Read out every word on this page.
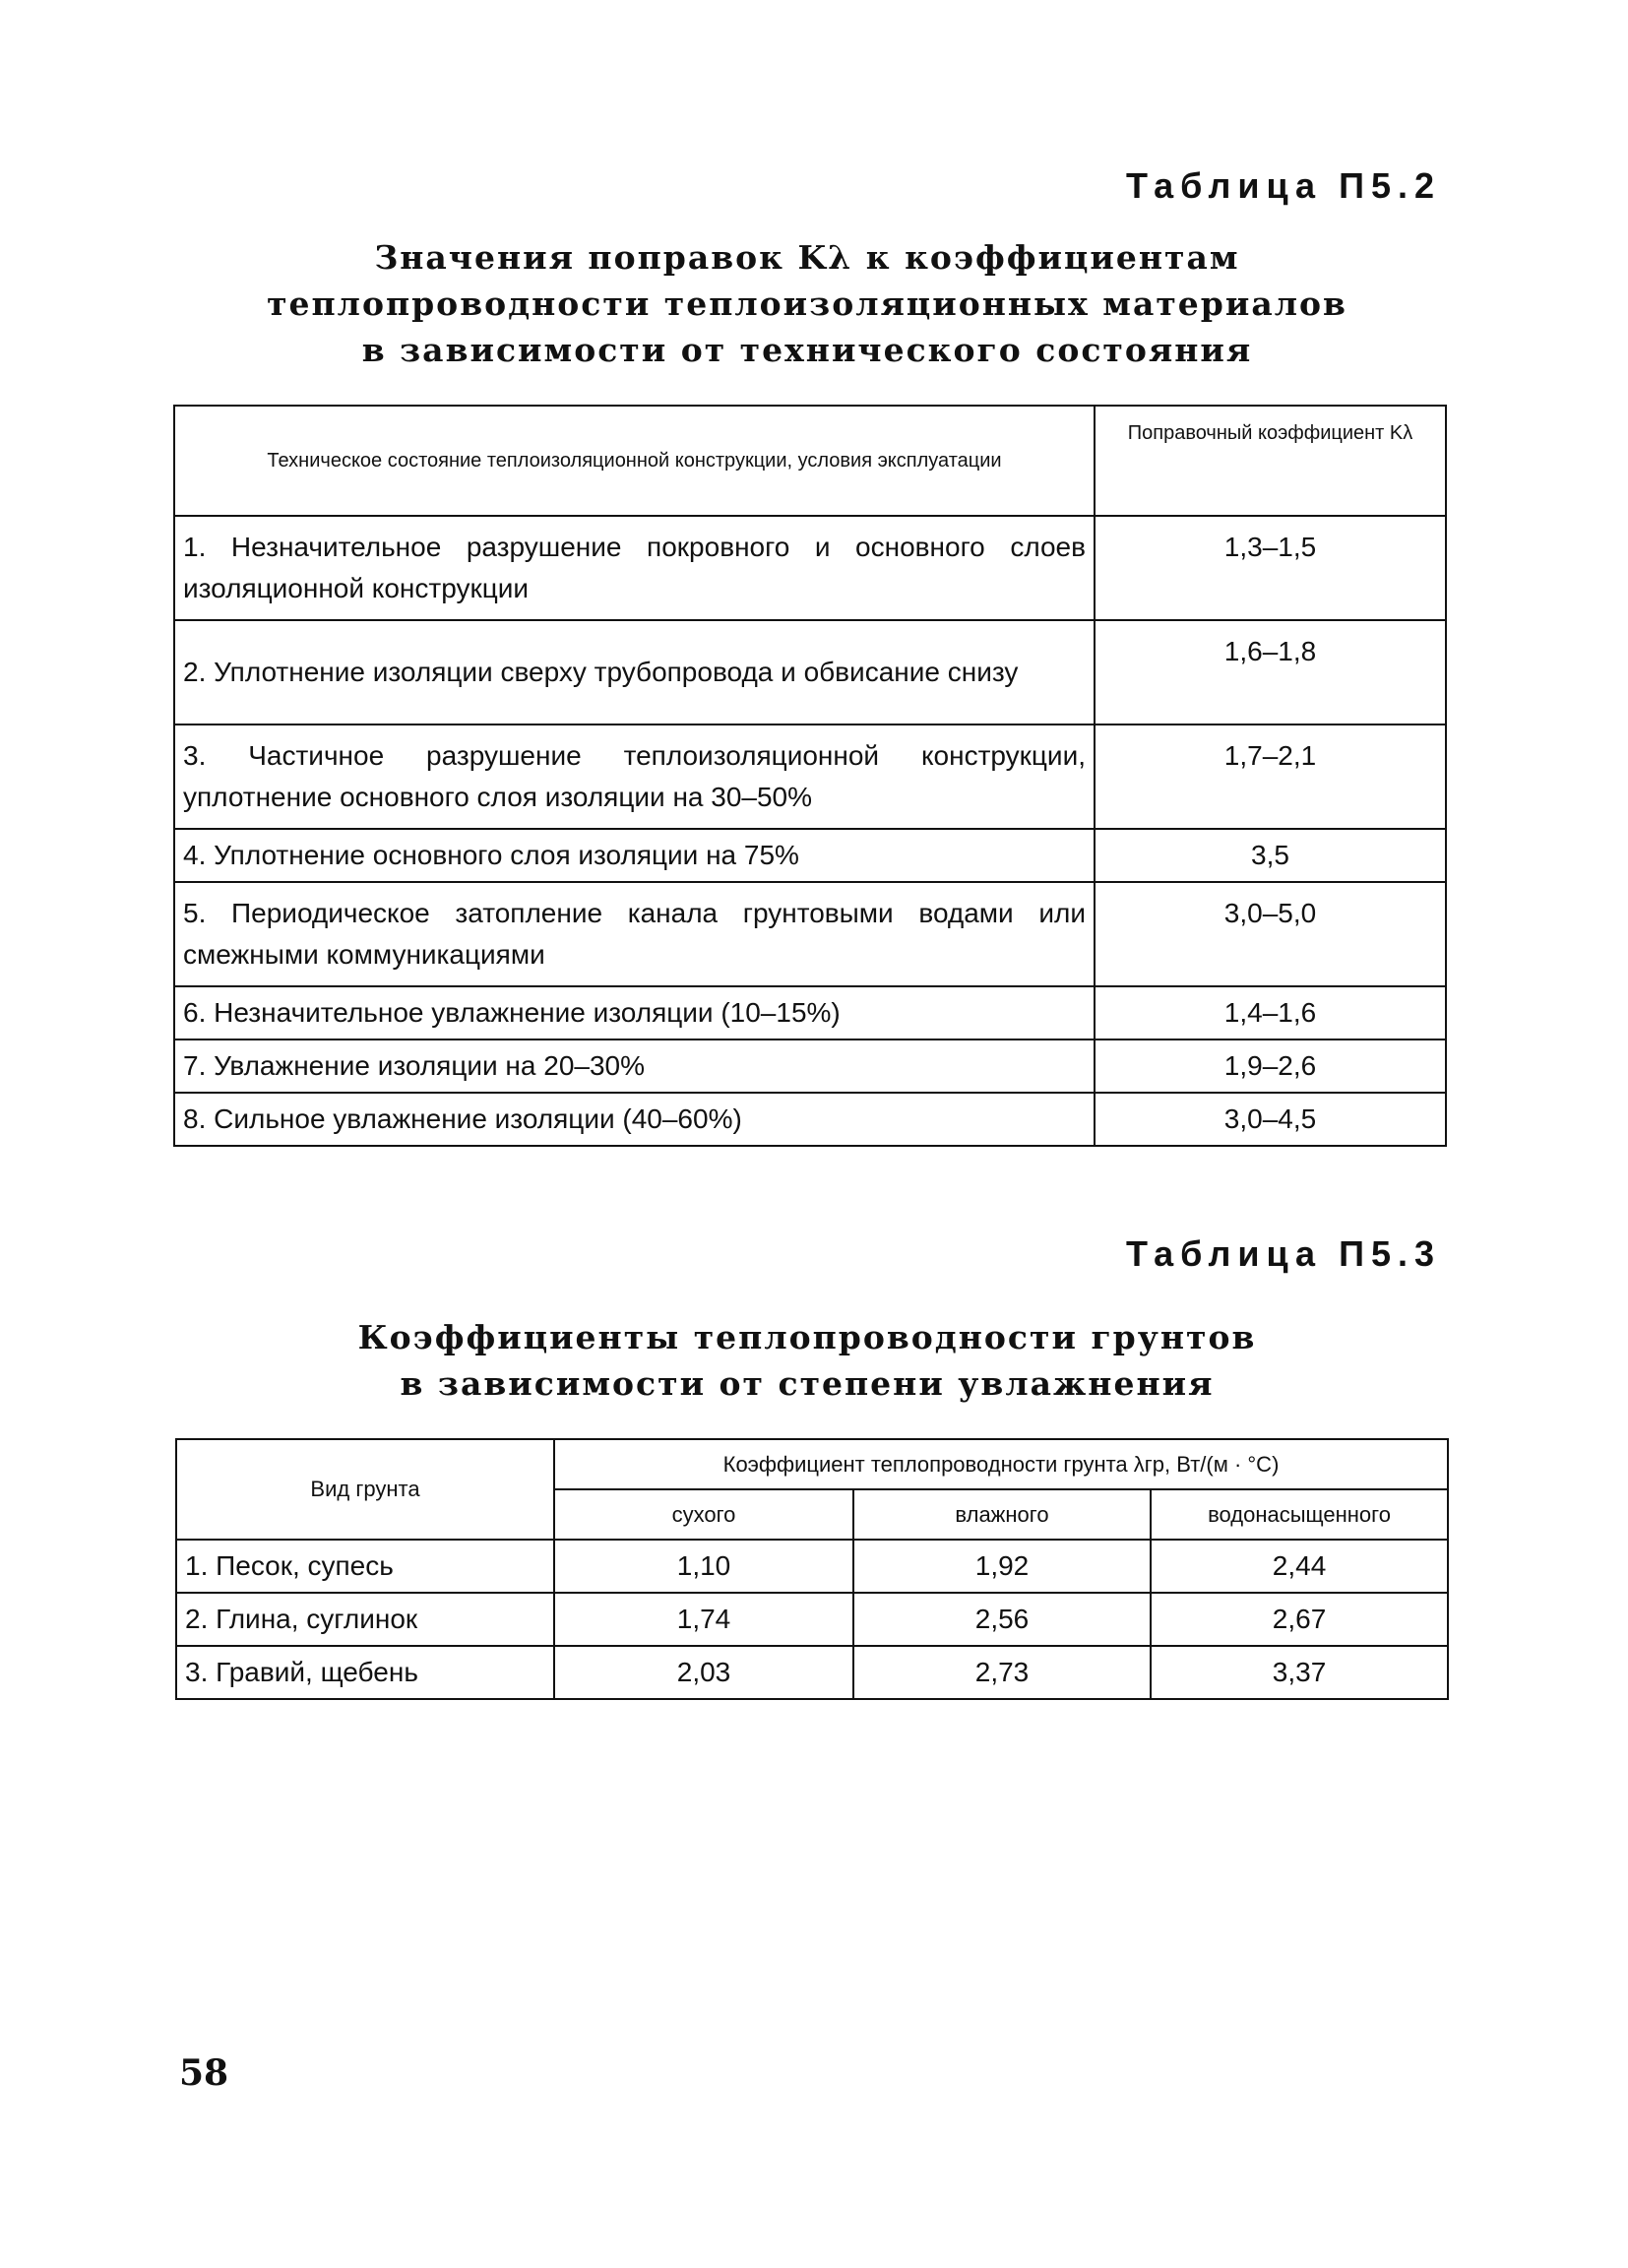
Таблица П5.2
Значения поправок Kλ к коэффициентам
теплопроводности теплоизоляционных материалов
в зависимости от технического состояния
Техническое состояние теплоизоляционной конструкции, условия эксплуатации	Поправочный коэффициент Kλ
1. Незначительное разрушение покровного и основного слоев изоляционной конструкции	1,3–1,5
2. Уплотнение изоляции сверху трубопровода и обвисание снизу	1,6–1,8
3. Частичное разрушение теплоизоляционной конструкции, уплотнение основного слоя изоляции на 30–50%	1,7–2,1
4. Уплотнение основного слоя изоляции на 75%	3,5
5. Периодическое затопление канала грунтовыми водами или смежными коммуникациями	3,0–5,0
6. Незначительное увлажнение изоляции (10–15%)	1,4–1,6
7. Увлажнение изоляции на 20–30%	1,9–2,6
8. Сильное увлажнение изоляции (40–60%)	3,0–4,5
Таблица П5.3
Коэффициенты теплопроводности грунтов
в зависимости от степени увлажнения
Вид грунта	Коэффициент теплопроводности грунта λгр, Вт/(м · °С)		
	сухого	влажного	водонасыщенного
1. Песок, супесь	1,10	1,92	2,44
2. Глина, суглинок	1,74	2,56	2,67
3. Гравий, щебень	2,03	2,73	3,37
58
